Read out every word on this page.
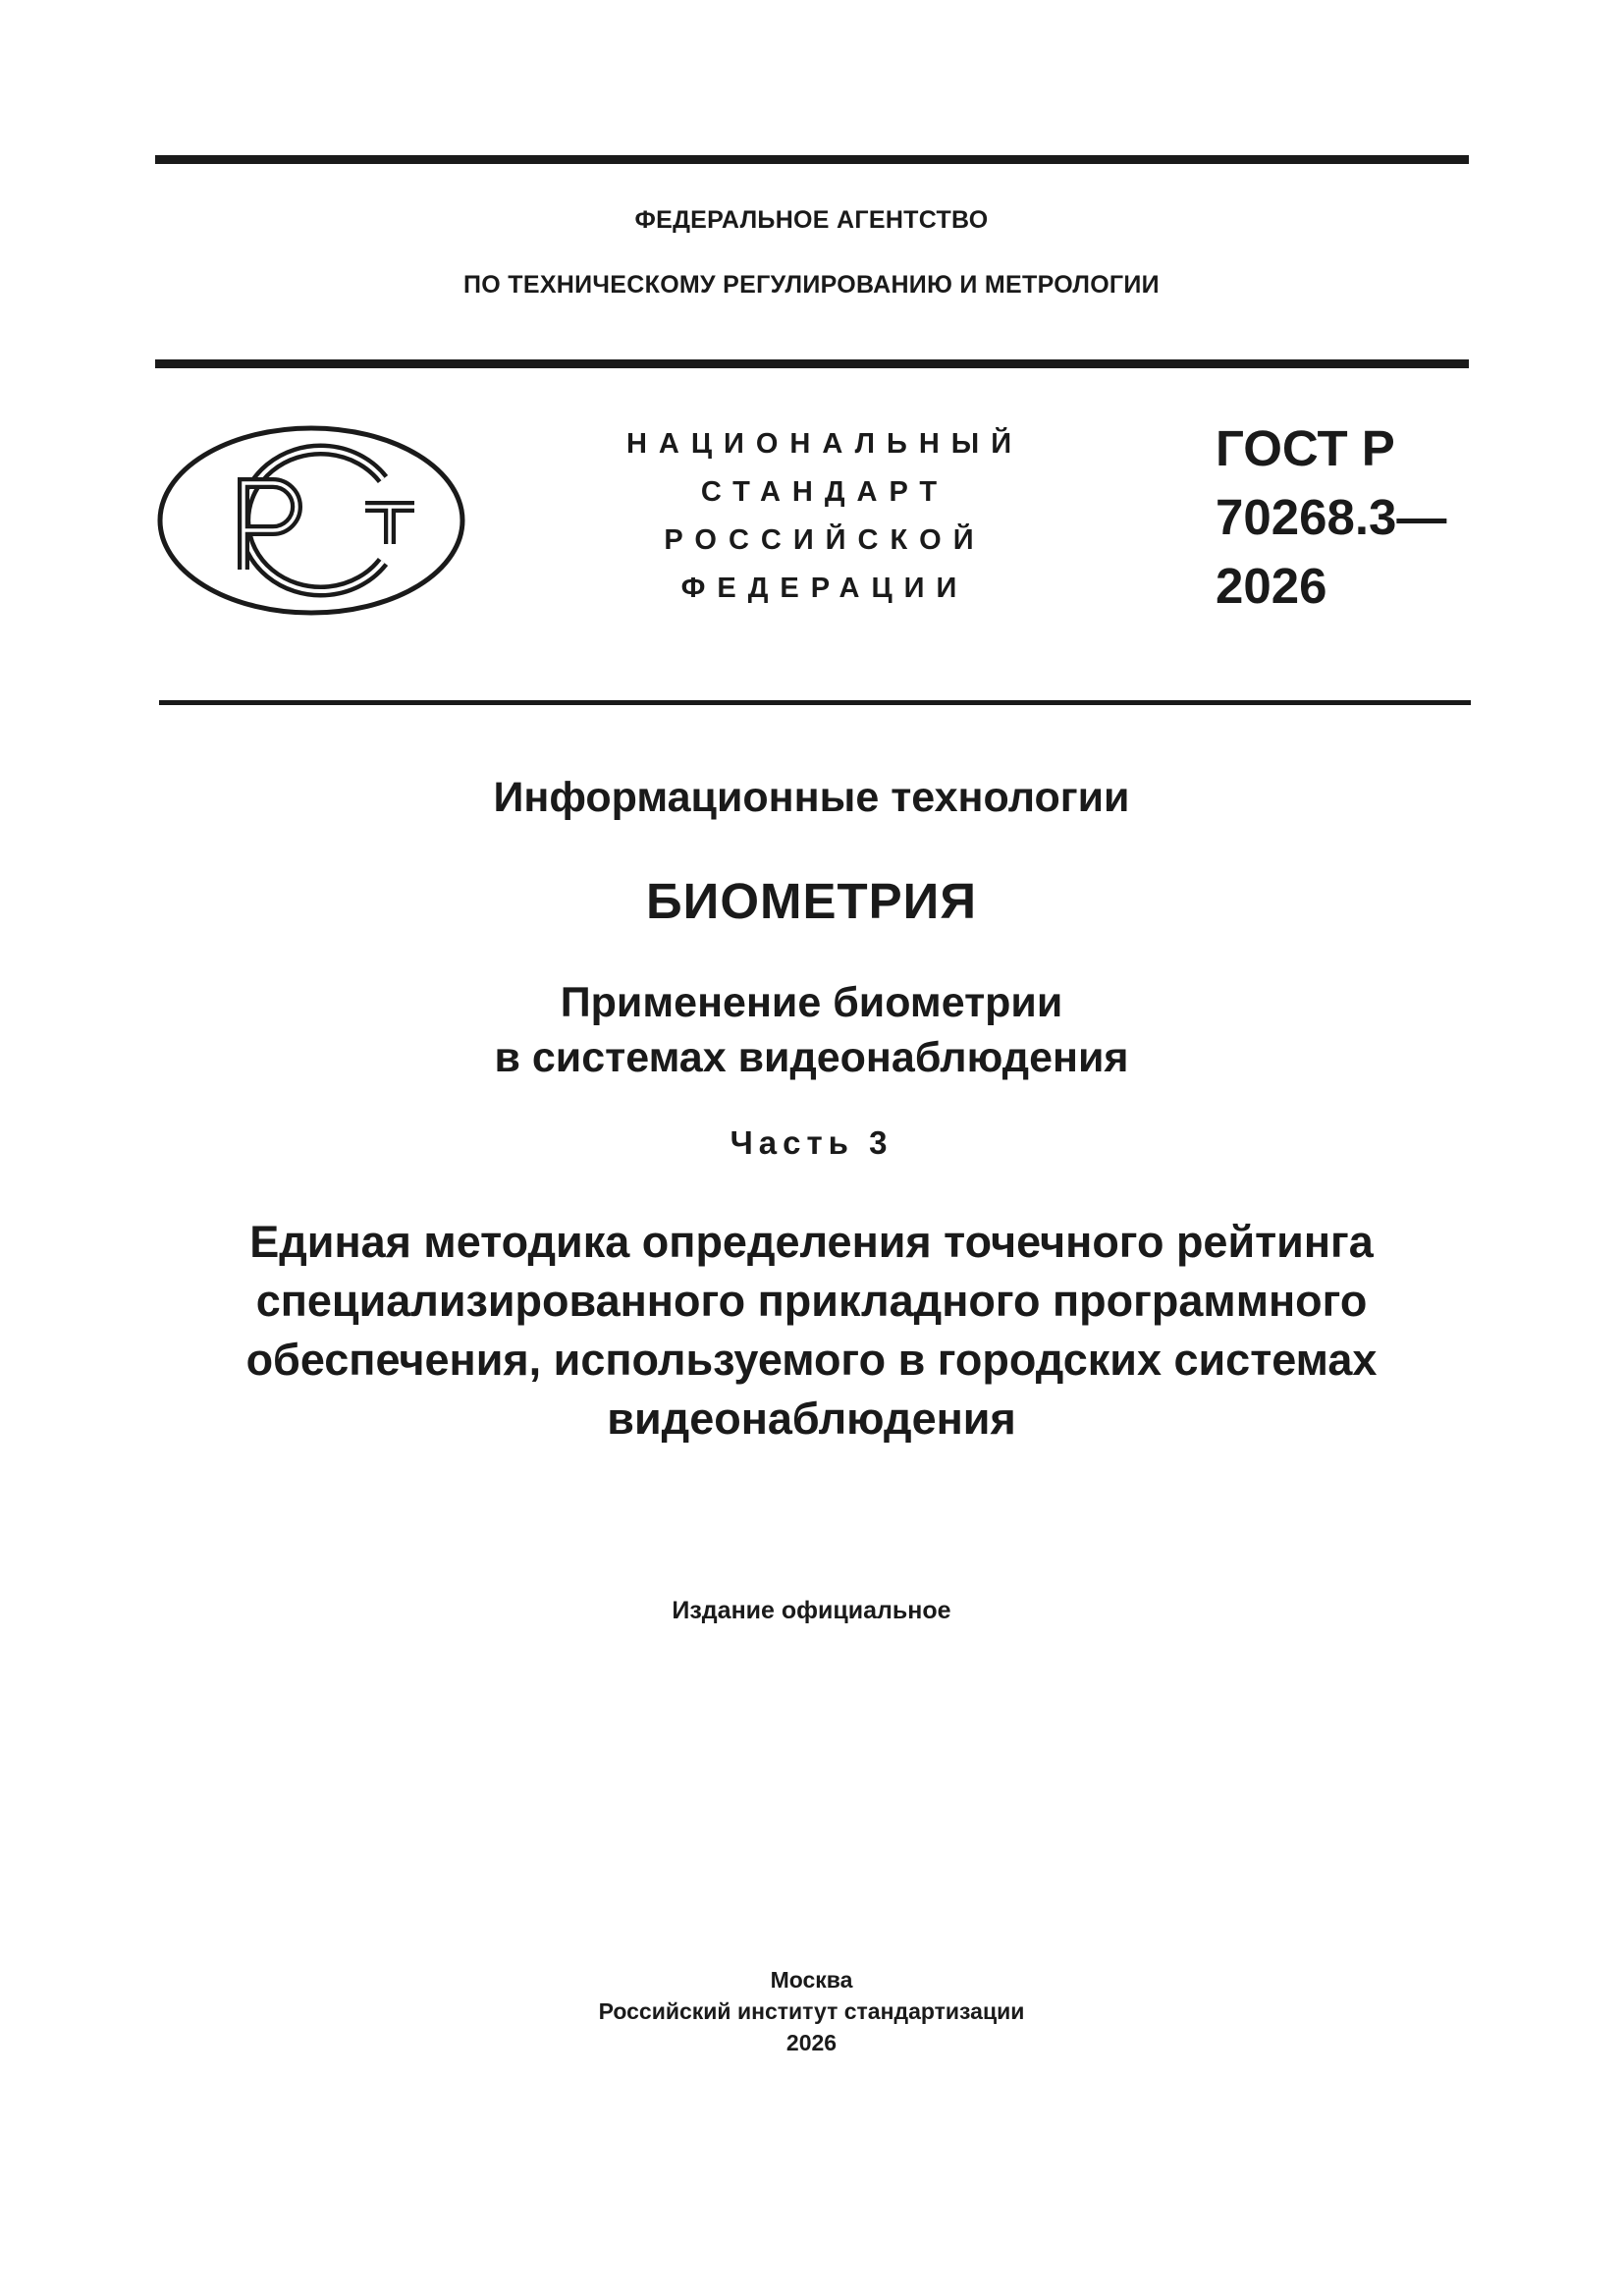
ФЕДЕРАЛЬНОЕ АГЕНТСТВО
ПО ТЕХНИЧЕСКОМУ РЕГУЛИРОВАНИЮ И МЕТРОЛОГИИ
НАЦИОНАЛЬНЫЙ
СТАНДАРТ
РОССИЙСКОЙ
ФЕДЕРАЦИИ
ГОСТ Р
70268.3—
2026
Информационные технологии
БИОМЕТРИЯ
Применение биометрии
в системах видеонаблюдения
Часть 3
Единая методика определения точечного рейтинга
специализированного прикладного программного
обеспечения, используемого в городских системах
видеонаблюдения
Издание официальное
Москва
Российский институт стандартизации
2026
